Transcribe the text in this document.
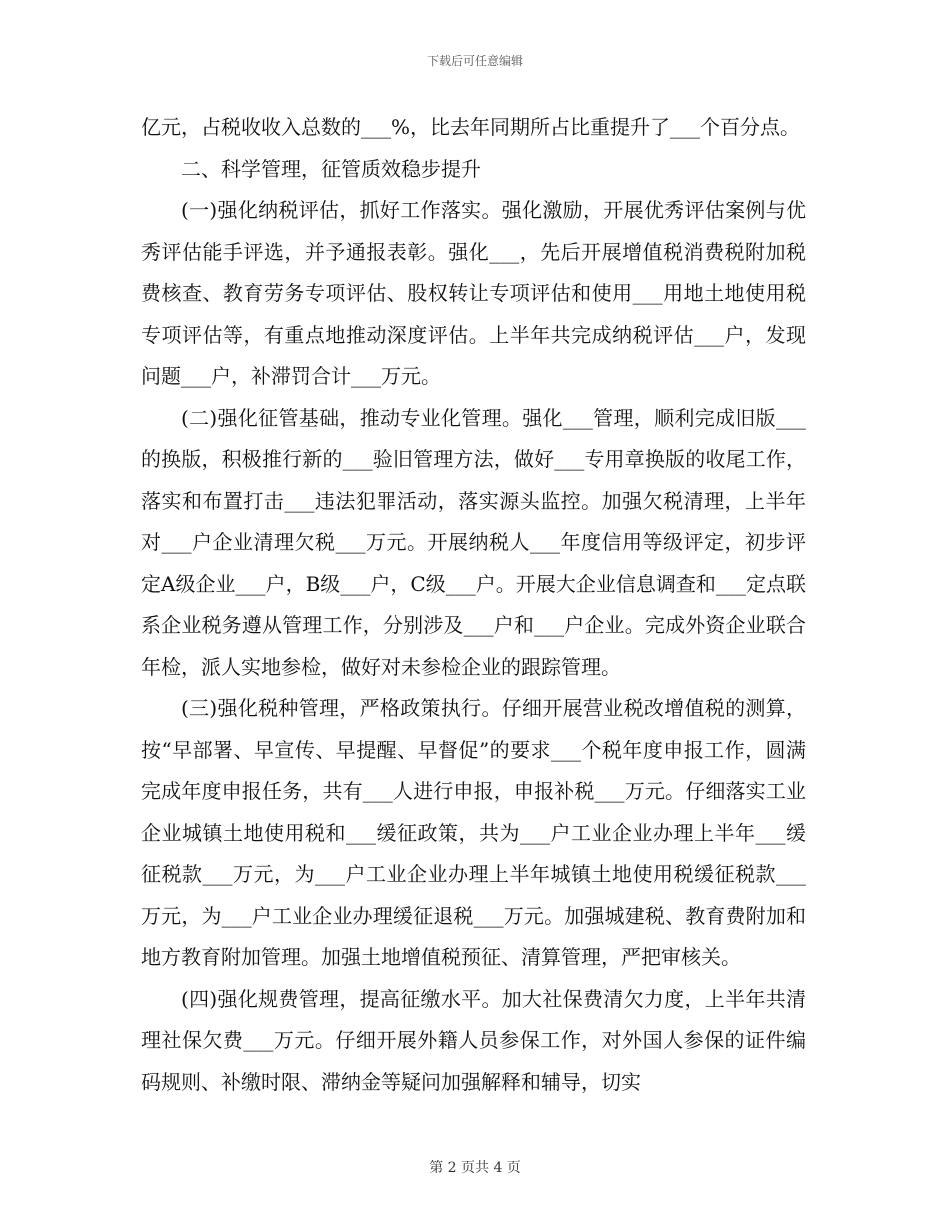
下载后可任意编辑

亿元，占税收收入总数的___%，比去年同期所占比重提升了___个百分点。

二、科学管理，征管质效稳步提升

(一)强化纳税评估，抓好工作落实。强化激励，开展优秀评估案例与优秀评估能手评选，并予通报表彰。强化___，先后开展增值税消费税附加税费核查、教育劳务专项评估、股权转让专项评估和使用___用地土地使用税专项评估等，有重点地推动深度评估。上半年共完成纳税评估___户，发现问题___户，补滞罚合计___万元。

(二)强化征管基础，推动专业化管理。强化___管理，顺利完成旧版___的换版，积极推行新的___验旧管理方法，做好___专用章换版的收尾工作，落实和布置打击___违法犯罪活动，落实源头监控。加强欠税清理，上半年对___户企业清理欠税___万元。开展纳税人___年度信用等级评定，初步评定A级企业___户，B级___户，C级___户。开展大企业信息调查和___定点联系企业税务遵从管理工作，分别涉及___户和___户企业。完成外资企业联合年检，派人实地参检，做好对未参检企业的跟踪管理。

(三)强化税种管理，严格政策执行。仔细开展营业税改增值税的测算，按“早部署、早宣传、早提醒、早督促”的要求___个税年度申报工作，圆满完成年度申报任务，共有___人进行申报，申报补税___万元。仔细落实工业企业城镇土地使用税和___缓征政策，共为___户工业企业办理上半年___缓征税款___万元，为___户工业企业办理上半年城镇土地使用税缓征税款___万元，为___户工业企业办理缓征退税___万元。加强城建税、教育费附加和地方教育附加管理。加强土地增值税预征、清算管理，严把审核关。

(四)强化规费管理，提高征缴水平。加大社保费清欠力度，上半年共清理社保欠费___万元。仔细开展外籍人员参保工作，对外国人参保的证件编码规则、补缴时限、滞纳金等疑问加强解释和辅导，切实

第 2 页共 4 页
